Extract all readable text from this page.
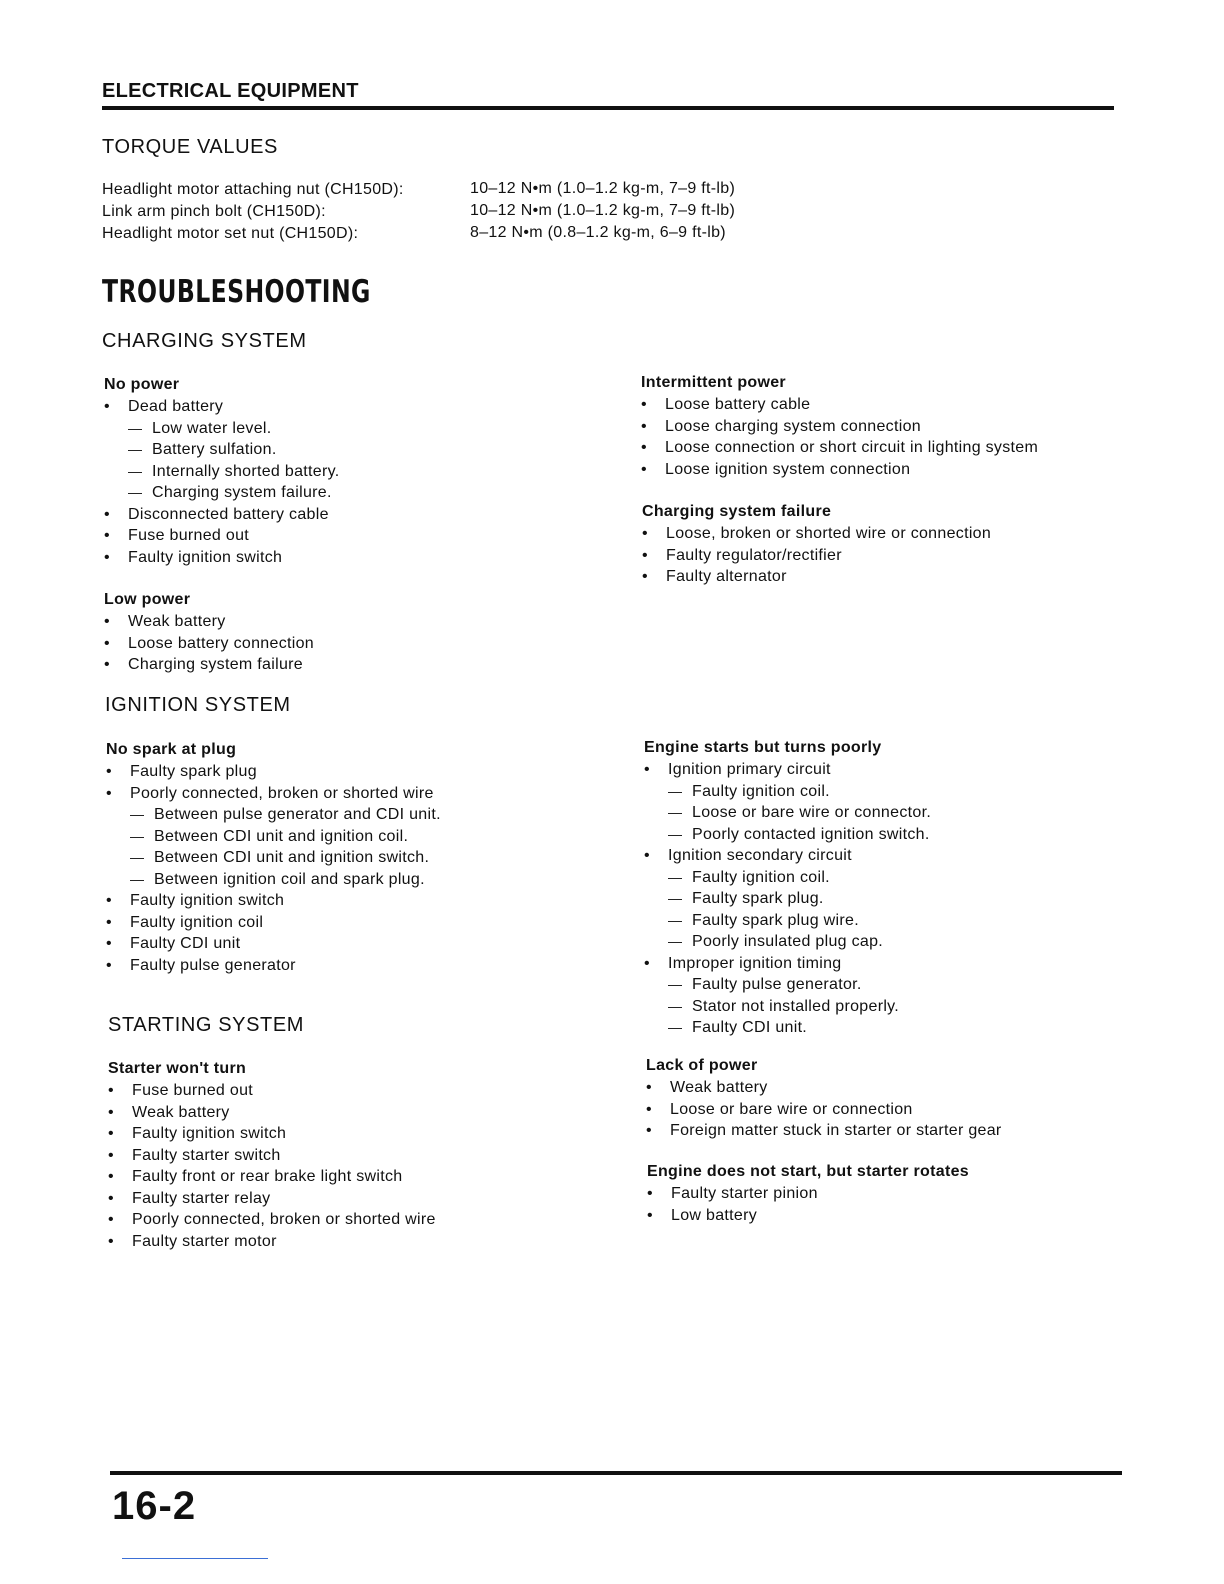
ELECTRICAL EQUIPMENT
TORQUE VALUES
Headlight motor attaching nut (CH150D):
Link arm pinch bolt (CH150D):
Headlight motor set nut (CH150D):
10–12 N•m (1.0–1.2 kg-m, 7–9 ft-lb)
10–12 N•m (1.0–1.2 kg-m, 7–9 ft-lb)
8–12 N•m (0.8–1.2 kg-m, 6–9 ft-lb)
TROUBLESHOOTING
CHARGING SYSTEM
No power
• Dead battery
— Low water level.
— Battery sulfation.
— Internally shorted battery.
— Charging system failure.
• Disconnected battery cable
• Fuse burned out
• Faulty ignition switch
Low power
• Weak battery
• Loose battery connection
• Charging system failure
Intermittent power
• Loose battery cable
• Loose charging system connection
• Loose connection or short circuit in lighting system
• Loose ignition system connection
Charging system failure
• Loose, broken or shorted wire or connection
• Faulty regulator/rectifier
• Faulty alternator
IGNITION SYSTEM
No spark at plug
• Faulty spark plug
• Poorly connected, broken or shorted wire
— Between pulse generator and CDI unit.
— Between CDI unit and ignition coil.
— Between CDI unit and ignition switch.
— Between ignition coil and spark plug.
• Faulty ignition switch
• Faulty ignition coil
• Faulty CDI unit
• Faulty pulse generator
Engine starts but turns poorly
• Ignition primary circuit
— Faulty ignition coil.
— Loose or bare wire or connector.
— Poorly contacted ignition switch.
• Ignition secondary circuit
— Faulty ignition coil.
— Faulty spark plug.
— Faulty spark plug wire.
— Poorly insulated plug cap.
• Improper ignition timing
— Faulty pulse generator.
— Stator not installed properly.
— Faulty CDI unit.
STARTING SYSTEM
Starter won't turn
• Fuse burned out
• Weak battery
• Faulty ignition switch
• Faulty starter switch
• Faulty front or rear brake light switch
• Faulty starter relay
• Poorly connected, broken or shorted wire
• Faulty starter motor
Lack of power
• Weak battery
• Loose or bare wire or connection
• Foreign matter stuck in starter or starter gear
Engine does not start, but starter rotates
• Faulty starter pinion
• Low battery
16-2
